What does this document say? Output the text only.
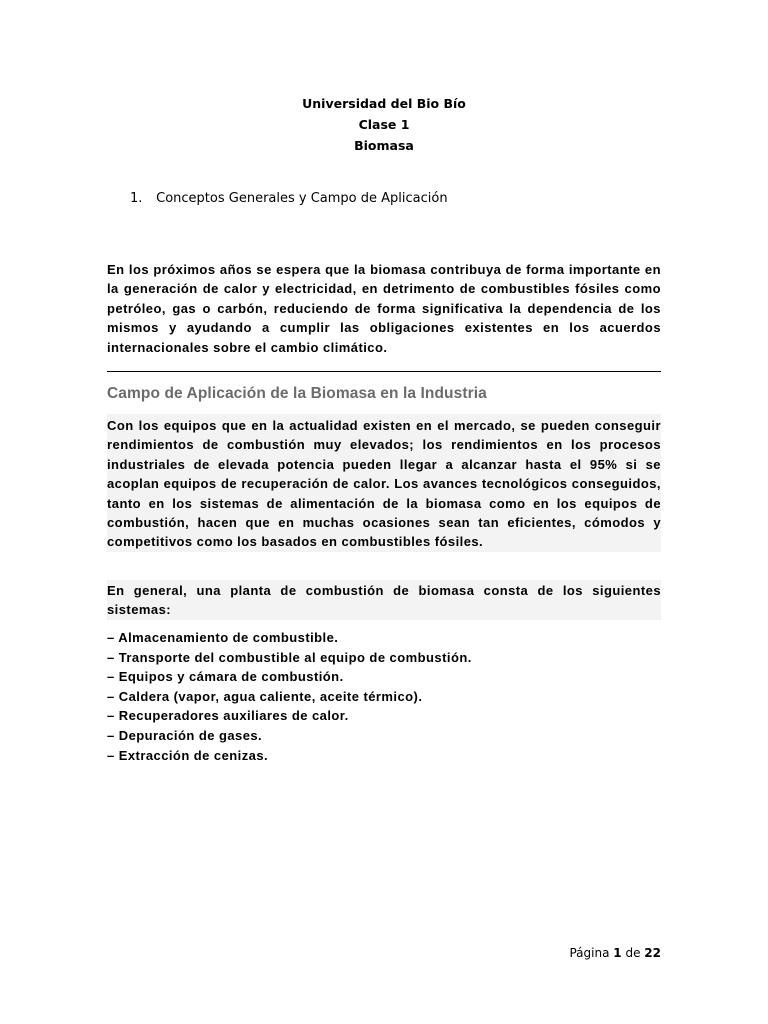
Universidad del Bio Bío
Clase 1
Biomasa
1. Conceptos Generales y Campo de Aplicación
En los próximos años se espera que la biomasa contribuya de forma importante en la generación de calor y electricidad, en detrimento de combustibles fósiles como petróleo, gas o carbón, reduciendo de forma significativa la dependencia de los mismos y ayudando a cumplir las obligaciones existentes en los acuerdos internacionales sobre el cambio climático.
Campo de Aplicación de la Biomasa en la Industria
Con los equipos que en la actualidad existen en el mercado, se pueden conseguir rendimientos de combustión muy elevados; los rendimientos en los procesos industriales de elevada potencia pueden llegar a alcanzar hasta el 95% si se acoplan equipos de recuperación de calor. Los avances tecnológicos conseguidos, tanto en los sistemas de alimentación de la biomasa como en los equipos de combustión, hacen que en muchas ocasiones sean tan eficientes, cómodos y competitivos como los basados en combustibles fósiles.
En general, una planta de combustión de biomasa consta de los siguientes sistemas:
– Almacenamiento de combustible.
– Transporte del combustible al equipo de combustión.
– Equipos y cámara de combustión.
– Caldera (vapor, agua caliente, aceite térmico).
– Recuperadores auxiliares de calor.
– Depuración de gases.
– Extracción de cenizas.
Página 1 de 22
